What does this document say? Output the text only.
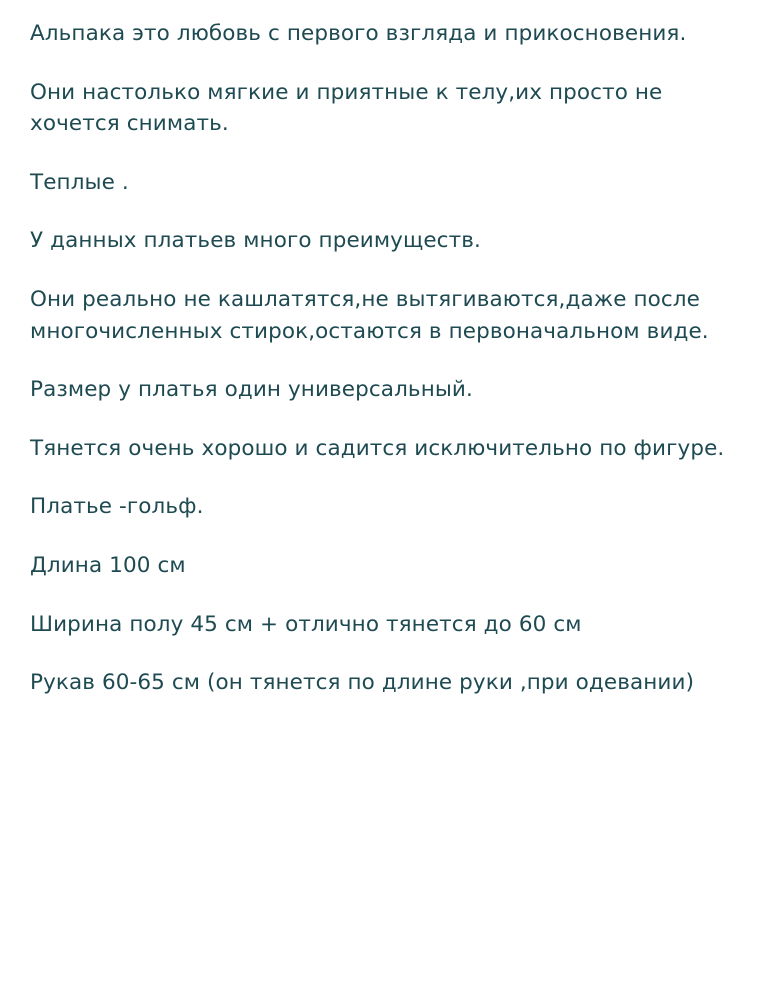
Альпака это любовь с первого взгляда и прикосновения.

Они настолько мягкие и приятные к телу,их просто не хочется снимать.

Теплые .

У данных платьев много преимуществ.

Они реально не кашлатятся,не вытягиваются,даже после многочисленных стирок,остаются в первоначальном виде.

Размер у платья один универсальный.

Тянется очень хорошо и садится исключительно по фигуре.

Платье -гольф.

Длина 100 см

Ширина полу 45 см + отлично тянется до 60 см

Рукав 60-65 см (он тянется по длине руки ,при одевании)
